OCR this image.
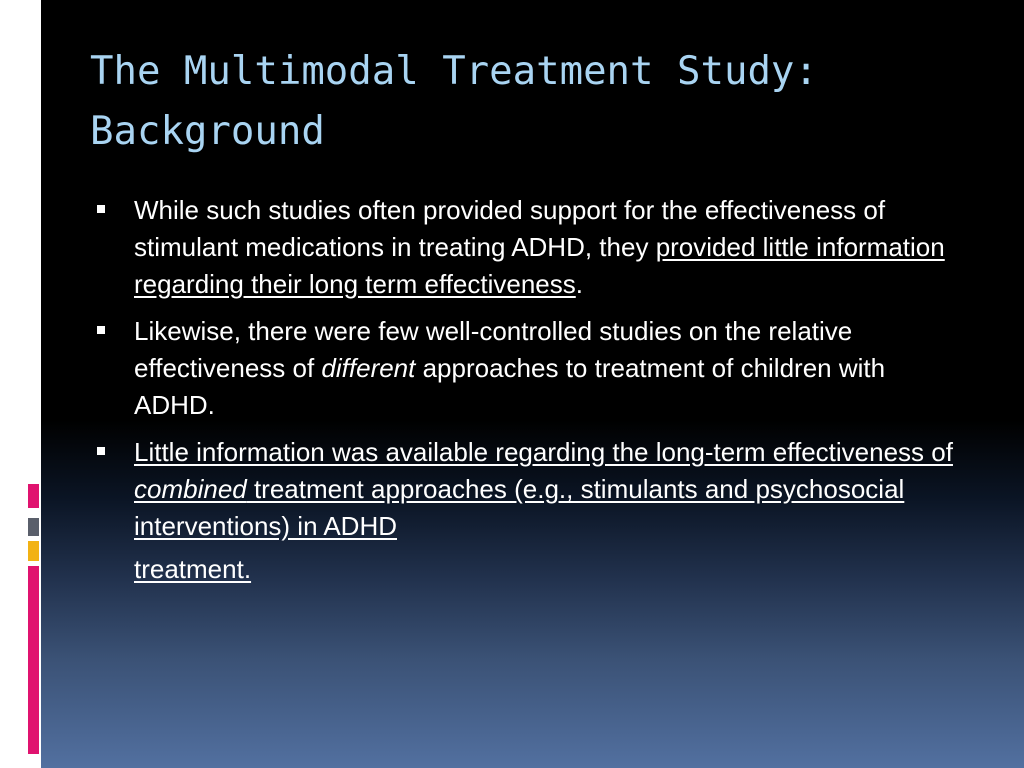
The Multimodal Treatment Study: Background
While such studies often provided support for the effectiveness of stimulant medications in treating ADHD, they provided little information regarding their long term effectiveness.
Likewise, there were few well-controlled studies on the relative effectiveness of different approaches to treatment of children with ADHD.
Little information was available regarding the long-term effectiveness of combined treatment approaches (e.g., stimulants and psychosocial interventions) in ADHD
treatment.
